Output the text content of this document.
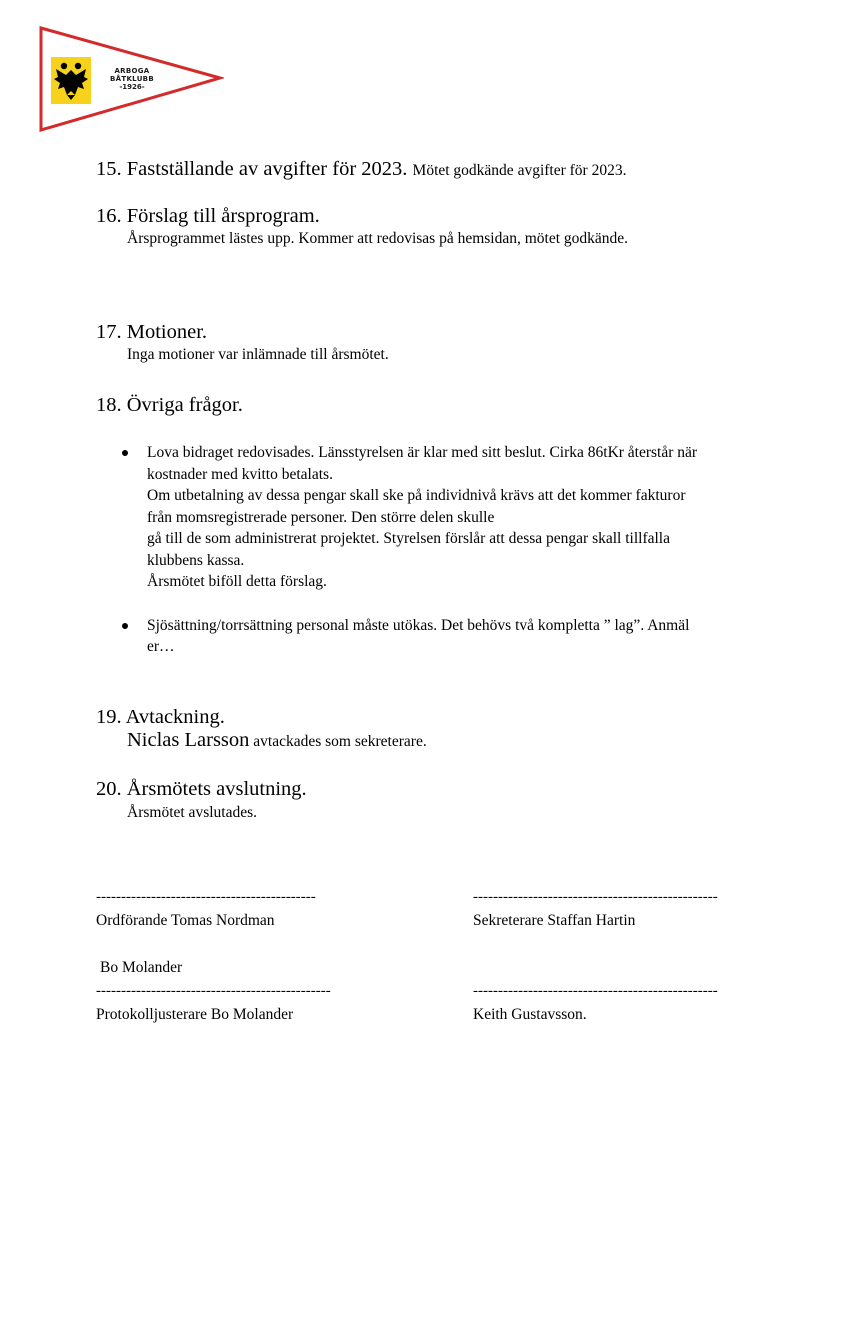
ARBOGA
BÅTKLUBB
-1926-
15. Fastställande av avgifter för 2023. Mötet godkände avgifter för 2023.
16. Förslag till årsprogram.
Årsprogrammet lästes upp. Kommer att redovisas på hemsidan, mötet godkände.
17. Motioner.
Inga motioner var inlämnade till årsmötet.
18. Övriga frågor.
Lova bidraget redovisades. Länsstyrelsen är klar med sitt beslut. Cirka 86tKr återstår när
kostnader med kvitto betalats.
Om utbetalning av dessa pengar skall ske på individnivå krävs att det kommer fakturor
från momsregistrerade personer. Den större delen skulle
gå till de som administrerat projektet. Styrelsen förslår att dessa pengar skall tillfalla
klubbens kassa.
Årsmötet biföll detta förslag.
Sjösättning/torrsättning personal måste utökas. Det behövs två kompletta ” lag”. Anmäl
er…
19. Avtackning.
Niclas Larsson avtackades som sekreterare.
20. Årsmötets avslutning.
Årsmötet avslutades.
--------------------------------------------
Ordförande Tomas Nordman
-------------------------------------------------
Sekreterare Staffan Hartin
Bo Molander
-----------------------------------------------
Protokolljusterare Bo Molander
-------------------------------------------------
Keith Gustavsson.
